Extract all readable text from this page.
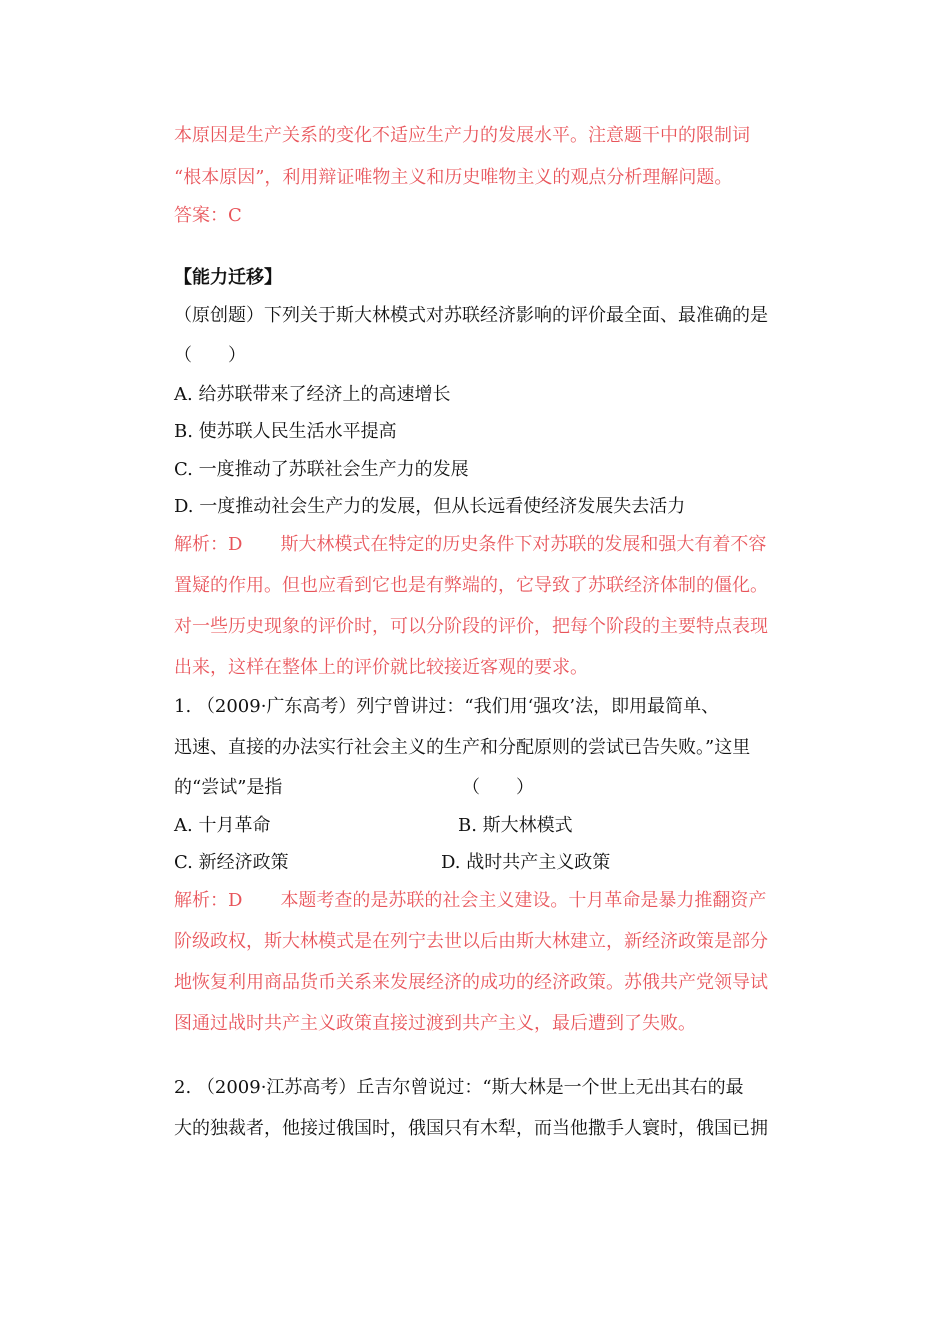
本原因是生产关系的变化不适应生产力的发展水平。注意题干中的限制词
“根本原因”，利用辩证唯物主义和历史唯物主义的观点分析理解问题。
答案：C
【能力迁移】
（原创题）下列关于斯大林模式对苏联经济影响的评价最全面、最准确的是
（　　）
A. 给苏联带来了经济上的高速增长
B. 使苏联人民生活水平提高
C. 一度推动了苏联社会生产力的发展
D. 一度推动社会生产力的发展，但从长远看使经济发展失去活力
解析：D 斯大林模式在特定的历史条件下对苏联的发展和强大有着不容
置疑的作用。但也应看到它也是有弊端的，它导致了苏联经济体制的僵化。
对一些历史现象的评价时，可以分阶段的评价，把每个阶段的主要特点表现
出来，这样在整体上的评价就比较接近客观的要求。
1. （2009·广东高考）列宁曾讲过：“我们用‘强攻’法，即用最简单、
迅速、直接的办法实行社会主义的生产和分配原则的尝试已告失败。”这里
的“尝试”是指	（　　）
A. 十月革命	B. 斯大林模式
C. 新经济政策	D. 战时共产主义政策
解析：D 本题考查的是苏联的社会主义建设。十月革命是暴力推翻资产
阶级政权，斯大林模式是在列宁去世以后由斯大林建立，新经济政策是部分
地恢复利用商品货币关系来发展经济的成功的经济政策。苏俄共产党领导试
图通过战时共产主义政策直接过渡到共产主义，最后遭到了失败。
2. （2009·江苏高考）丘吉尔曾说过：“斯大林是一个世上无出其右的最
大的独裁者，他接过俄国时，俄国只有木犁，而当他撒手人寰时，俄国已拥
